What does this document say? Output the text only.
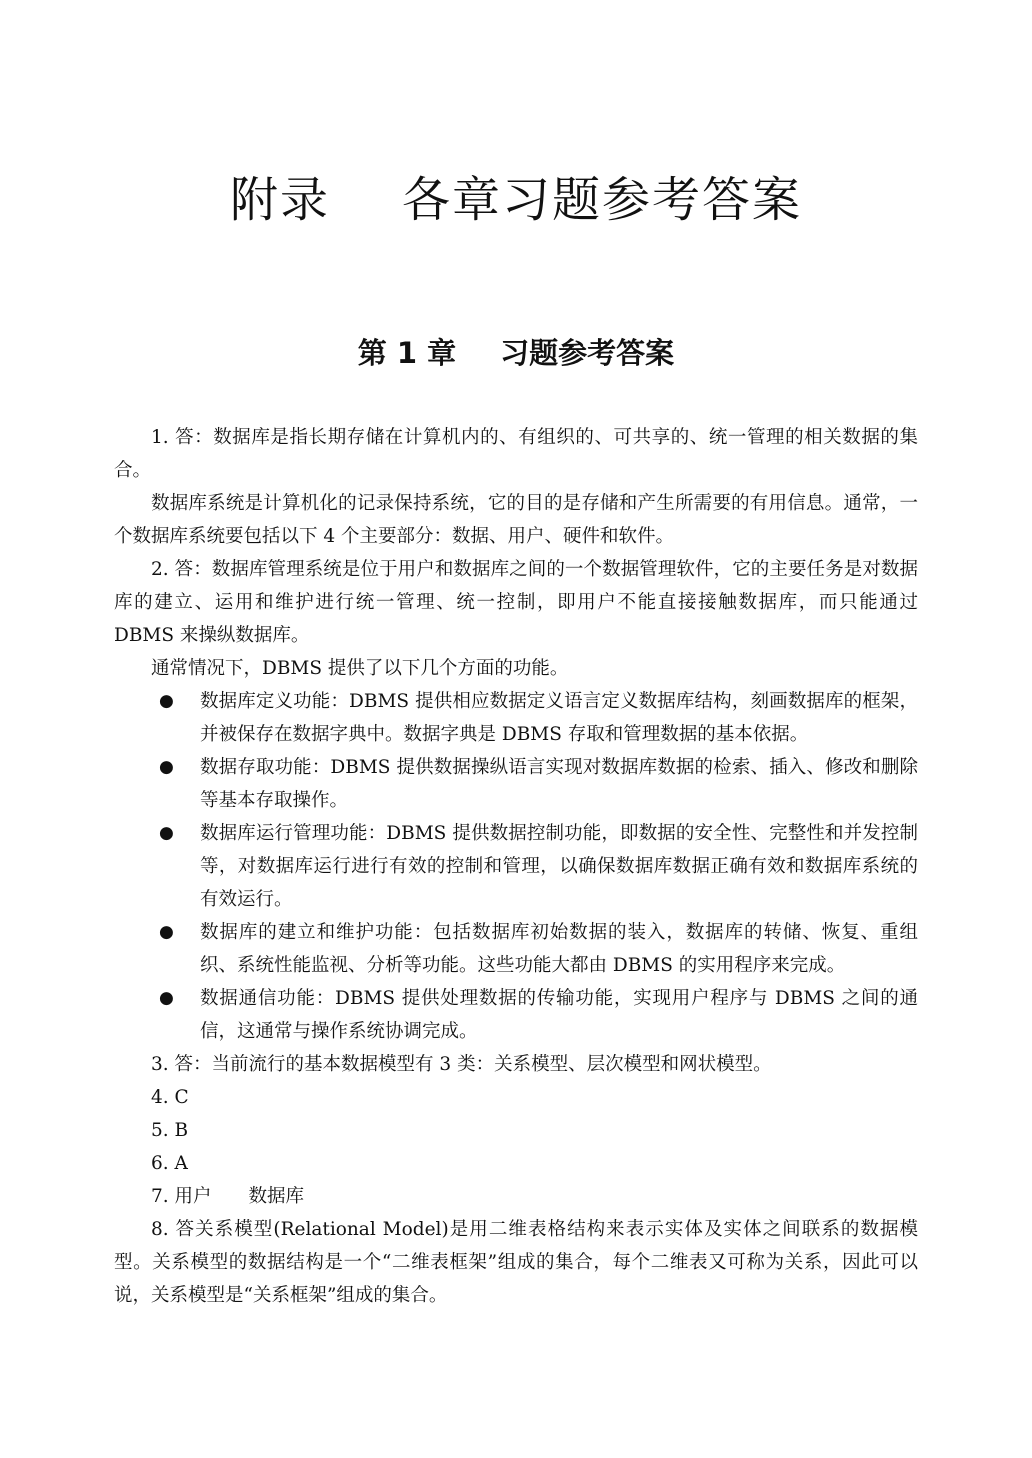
附录 各章习题参考答案
第 1 章 习题参考答案

1. 答：数据库是指长期存储在计算机内的、有组织的、可共享的、统一管理的相关数据的集合。

数据库系统是计算机化的记录保持系统，它的目的是存储和产生所需要的有用信息。通常，一个数据库系统要包括以下 4 个主要部分：数据、用户、硬件和软件。

2. 答：数据库管理系统是位于用户和数据库之间的一个数据管理软件，它的主要任务是对数据库的建立、运用和维护进行统一管理、统一控制，即用户不能直接接触数据库，而只能通过 DBMS 来操纵数据库。

通常情况下，DBMS 提供了以下几个方面的功能。

● 数据库定义功能：DBMS 提供相应数据定义语言定义数据库结构，刻画数据库的框架，并被保存在数据字典中。数据字典是 DBMS 存取和管理数据的基本依据。
● 数据存取功能：DBMS 提供数据操纵语言实现对数据库数据的检索、插入、修改和删除等基本存取操作。
● 数据库运行管理功能：DBMS 提供数据控制功能，即数据的安全性、完整性和并发控制等，对数据库运行进行有效的控制和管理，以确保数据库数据正确有效和数据库系统的有效运行。
● 数据库的建立和维护功能：包括数据库初始数据的装入，数据库的转储、恢复、重组织、系统性能监视、分析等功能。这些功能大都由 DBMS 的实用程序来完成。
● 数据通信功能：DBMS 提供处理数据的传输功能，实现用户程序与 DBMS 之间的通信，这通常与操作系统协调完成。

3. 答：当前流行的基本数据模型有 3 类：关系模型、层次模型和网状模型。

4. C

5. B

6. A

7. 用户　　数据库

8. 答关系模型(Relational Model)是用二维表格结构来表示实体及实体之间联系的数据模型。关系模型的数据结构是一个“二维表框架”组成的集合，每个二维表又可称为关系，因此可以说，关系模型是“关系框架”组成的集合。
